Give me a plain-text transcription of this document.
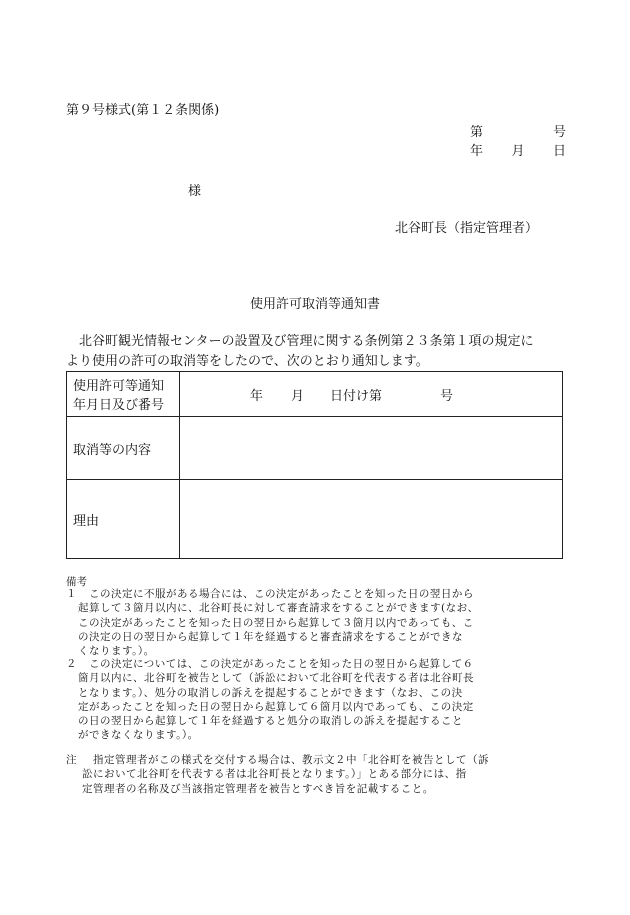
第９号様式(第１２条関係)
第	号
年 月 日
様
北谷町長（指定管理者）
使用許可取消等通知書
　北谷町観光情報センターの設置及び管理に関する条例第２３条第１項の規定に
より使用の許可の取消等をしたので、次のとおり通知します。
使用許可等通知
年月日及び番号	年 月 日付け第 号

取消等の内容	
理由	
備考
１ 　この決定に不服がある場合には、この決定があったことを知った日の翌日から
起算して３箇月以内に、北谷町長に対して審査請求をすることができます(なお、
この決定があったことを知った日の翌日から起算して３箇月以内であっても、こ
の決定の日の翌日から起算して１年を経過すると審査請求をすることができな
くなります。）。
２ 　この決定については、この決定があったことを知った日の翌日から起算して６
箇月以内に、北谷町を被告として（訴訟において北谷町を代表する者は北谷町長
となります。）、処分の取消しの訴えを提起することができます（なお、この決
定があったことを知った日の翌日から起算して６箇月以内であっても、この決定
の日の翌日から起算して１年を経過すると処分の取消しの訴えを提起すること
ができなくなります。）。
注 　指定管理者がこの様式を交付する場合は、教示文２中「北谷町を被告として（訴
訟において北谷町を代表する者は北谷町長となります。）」とある部分には、指
定管理者の名称及び当該指定管理者を被告とすべき旨を記載すること。
